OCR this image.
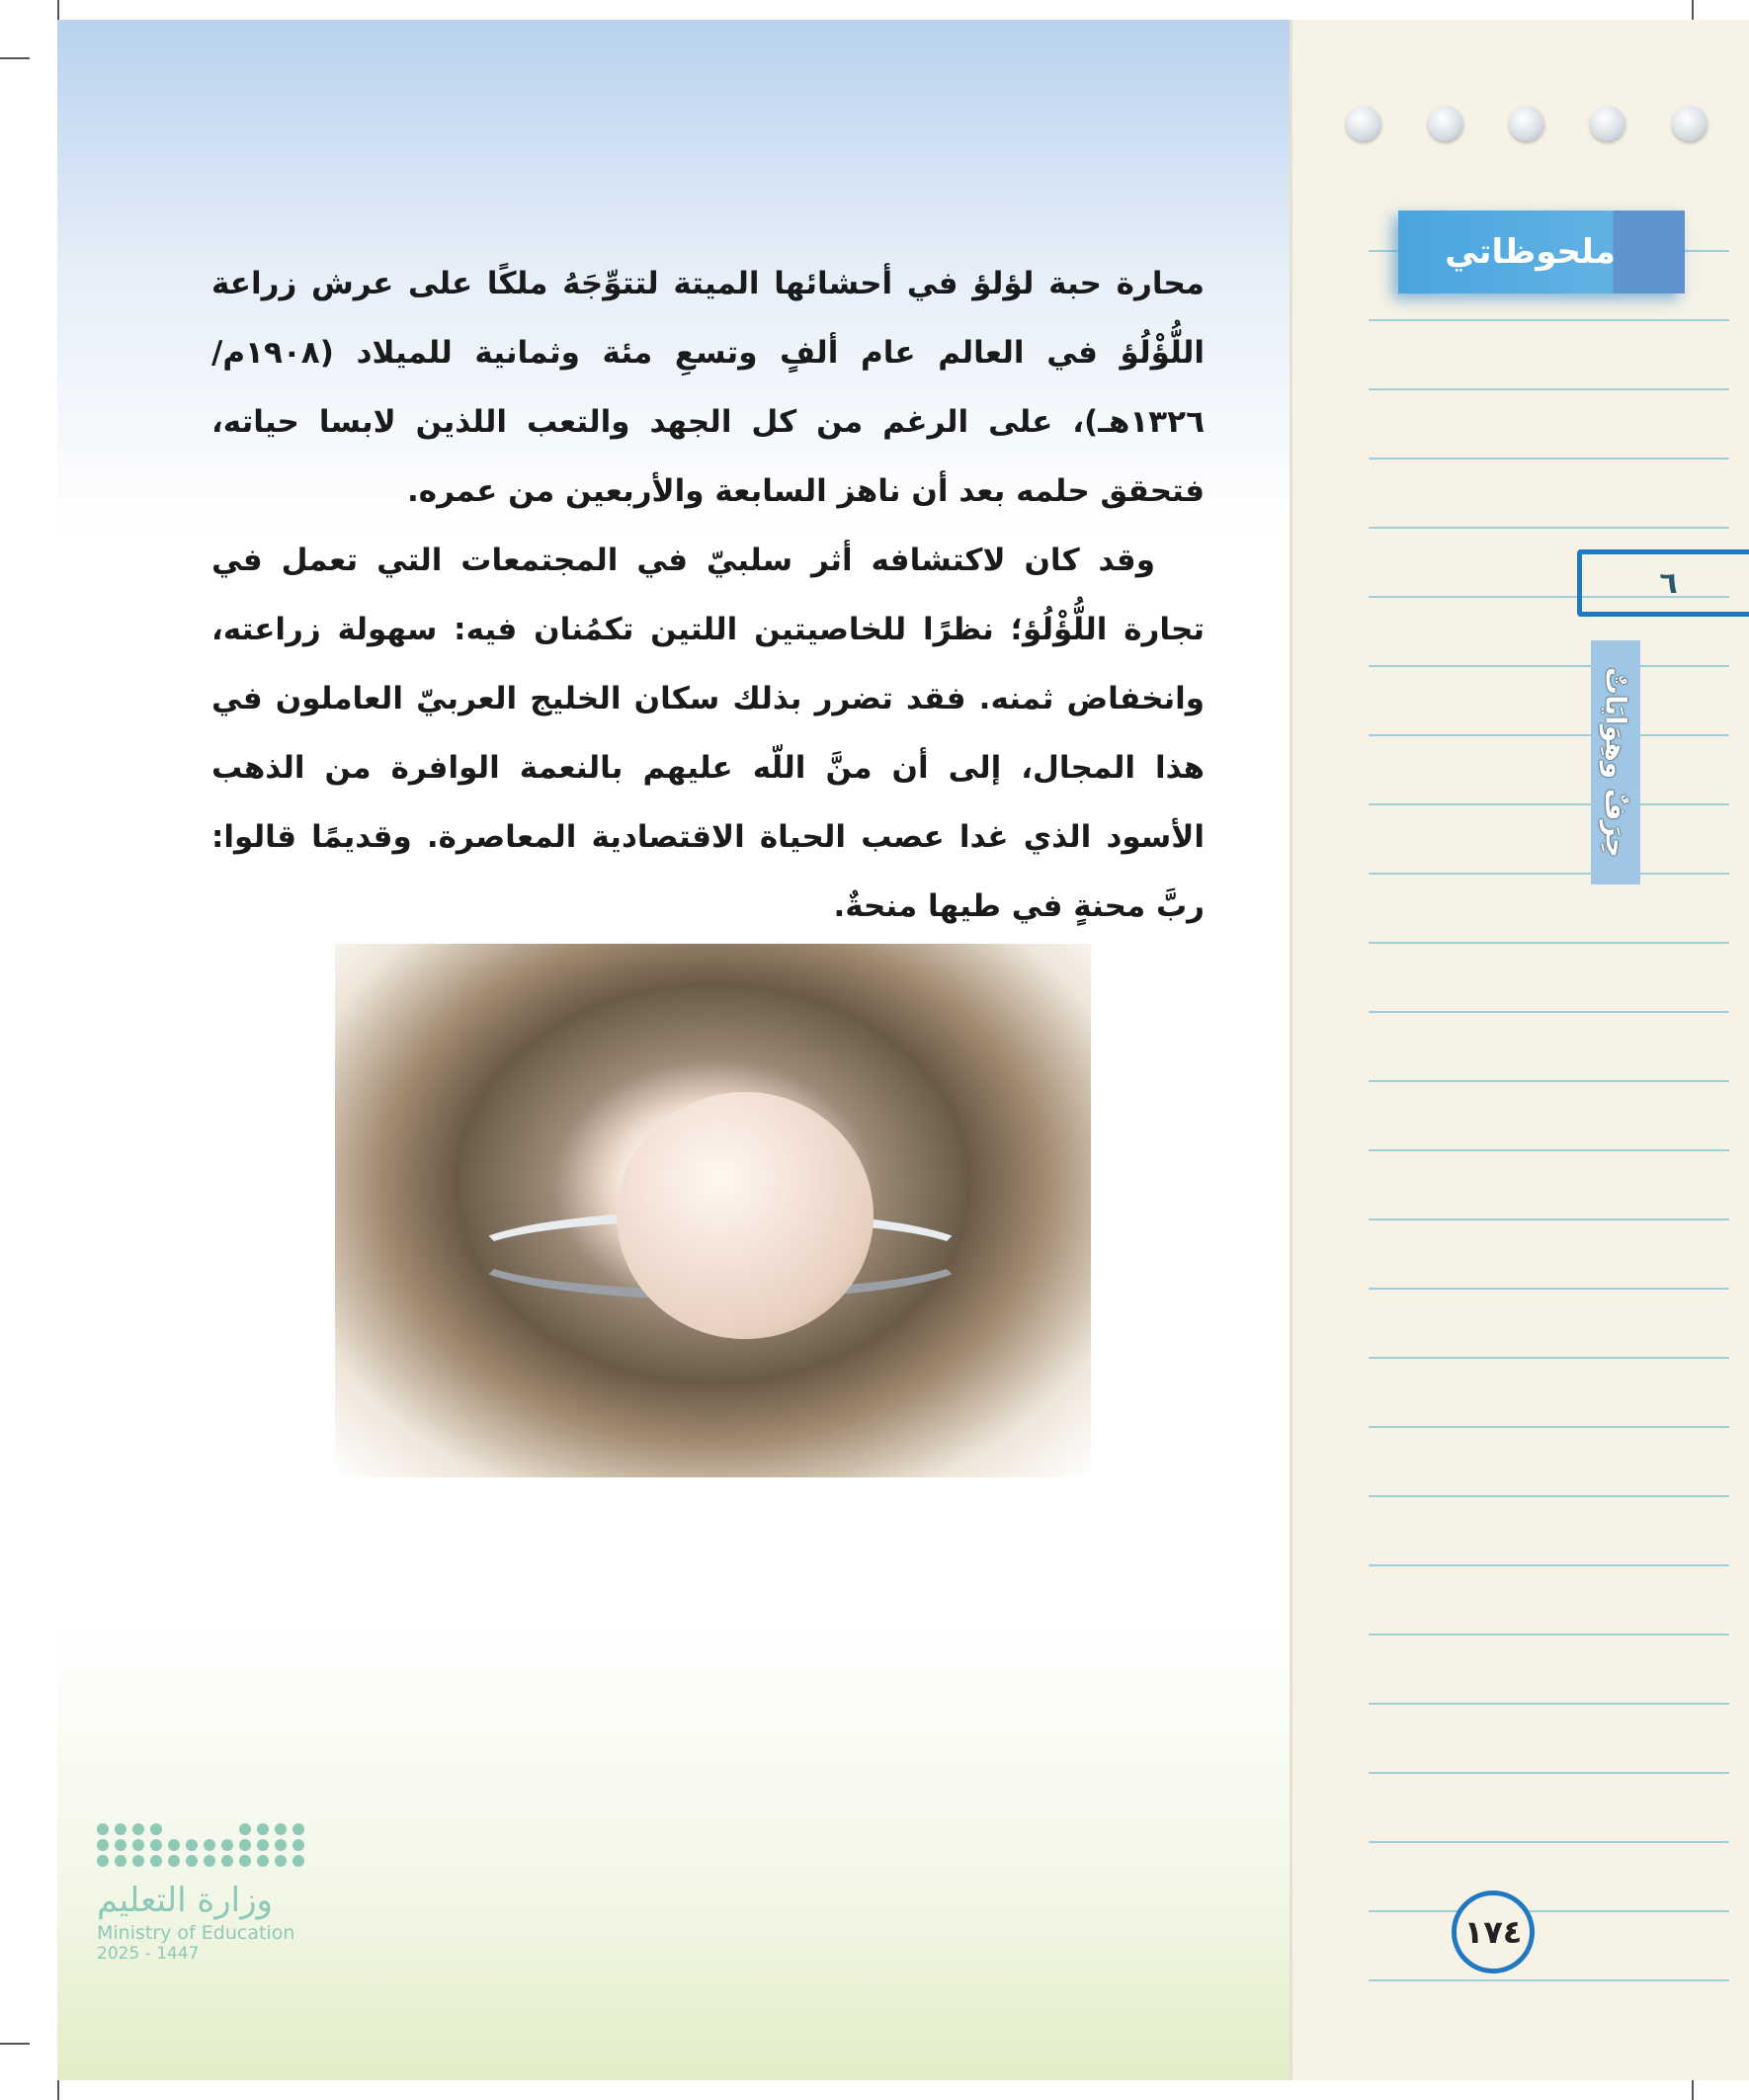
ملحوظاتي
٦
حِرَفٌ وهِوَايَاتٌ
١٧٤

محارة حبة لؤلؤ في أحشائها الميتة لتتوِّجَهُ ملكًا على عرش زراعة اللُّؤْلُؤ في العالم عام ألفٍ وتسعِ مئة وثمانية للميلاد (١٩٠٨م/ ١٣٢٦هـ)، على الرغم من كل الجهد والتعب اللذين لابسا حياته، فتحقق حلمه بعد أن ناهز السابعة والأربعين من عمره.

وقد كان لاكتشافه أثر سلبيّ في المجتمعات التي تعمل في تجارة اللُّؤْلُؤ؛ نظرًا للخاصيتين اللتين تكمُنان فيه: سهولة زراعته، وانخفاض ثمنه. فقد تضرر بذلك سكان الخليج العربيّ العاملون في هذا المجال، إلى أن منَّ اللّه عليهم بالنعمة الوافرة من الذهب الأسود الذي غدا عصب الحياة الاقتصادية المعاصرة. وقديمًا قالوا: ربَّ محنةٍ في طيها منحةٌ.

وزارة التعليم
Ministry of Education
2025 - 1447
